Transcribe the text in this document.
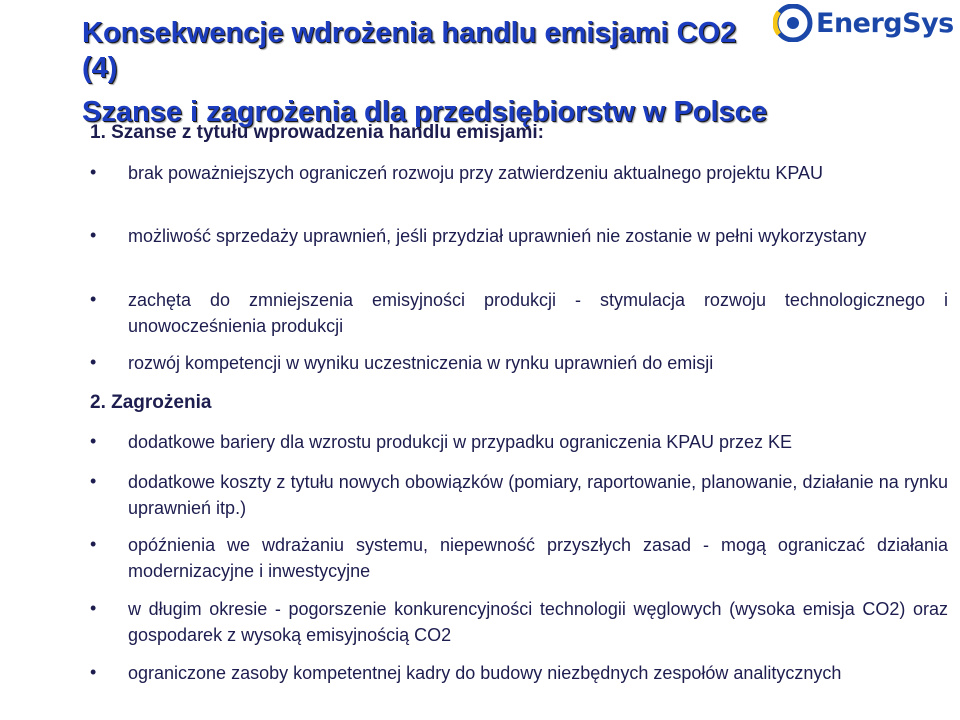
Konsekwencje wdrożenia handlu emisjami CO2
(4)
Szanse i zagrożenia dla przedsiębiorstw w Polsce
EnergSys
1. Szanse z tytułu wprowadzenia handlu emisjami:
•	brak poważniejszych ograniczeń rozwoju przy zatwierdzeniu aktualnego projektu KPAU
•	możliwość sprzedaży uprawnień, jeśli przydział uprawnień nie zostanie w pełni wykorzystany
•	zachęta do zmniejszenia emisyjności produkcji - stymulacja rozwoju technologicznego i unowocześnienia produkcji
•	rozwój kompetencji w wyniku uczestniczenia w rynku uprawnień do emisji
2. Zagrożenia
•	dodatkowe bariery dla wzrostu produkcji w przypadku ograniczenia KPAU przez KE
•	dodatkowe koszty z tytułu nowych obowiązków (pomiary, raportowanie, planowanie, działanie na rynku uprawnień itp.)
•	opóźnienia we wdrażaniu systemu, niepewność przyszłych zasad - mogą ograniczać działania modernizacyjne i inwestycyjne
•	w długim okresie - pogorszenie konkurencyjności technologii węglowych (wysoka emisja CO2) oraz gospodarek z wysoką emisyjnością CO2
•	ograniczone zasoby kompetentnej kadry do budowy niezbędnych zespołów analitycznych
